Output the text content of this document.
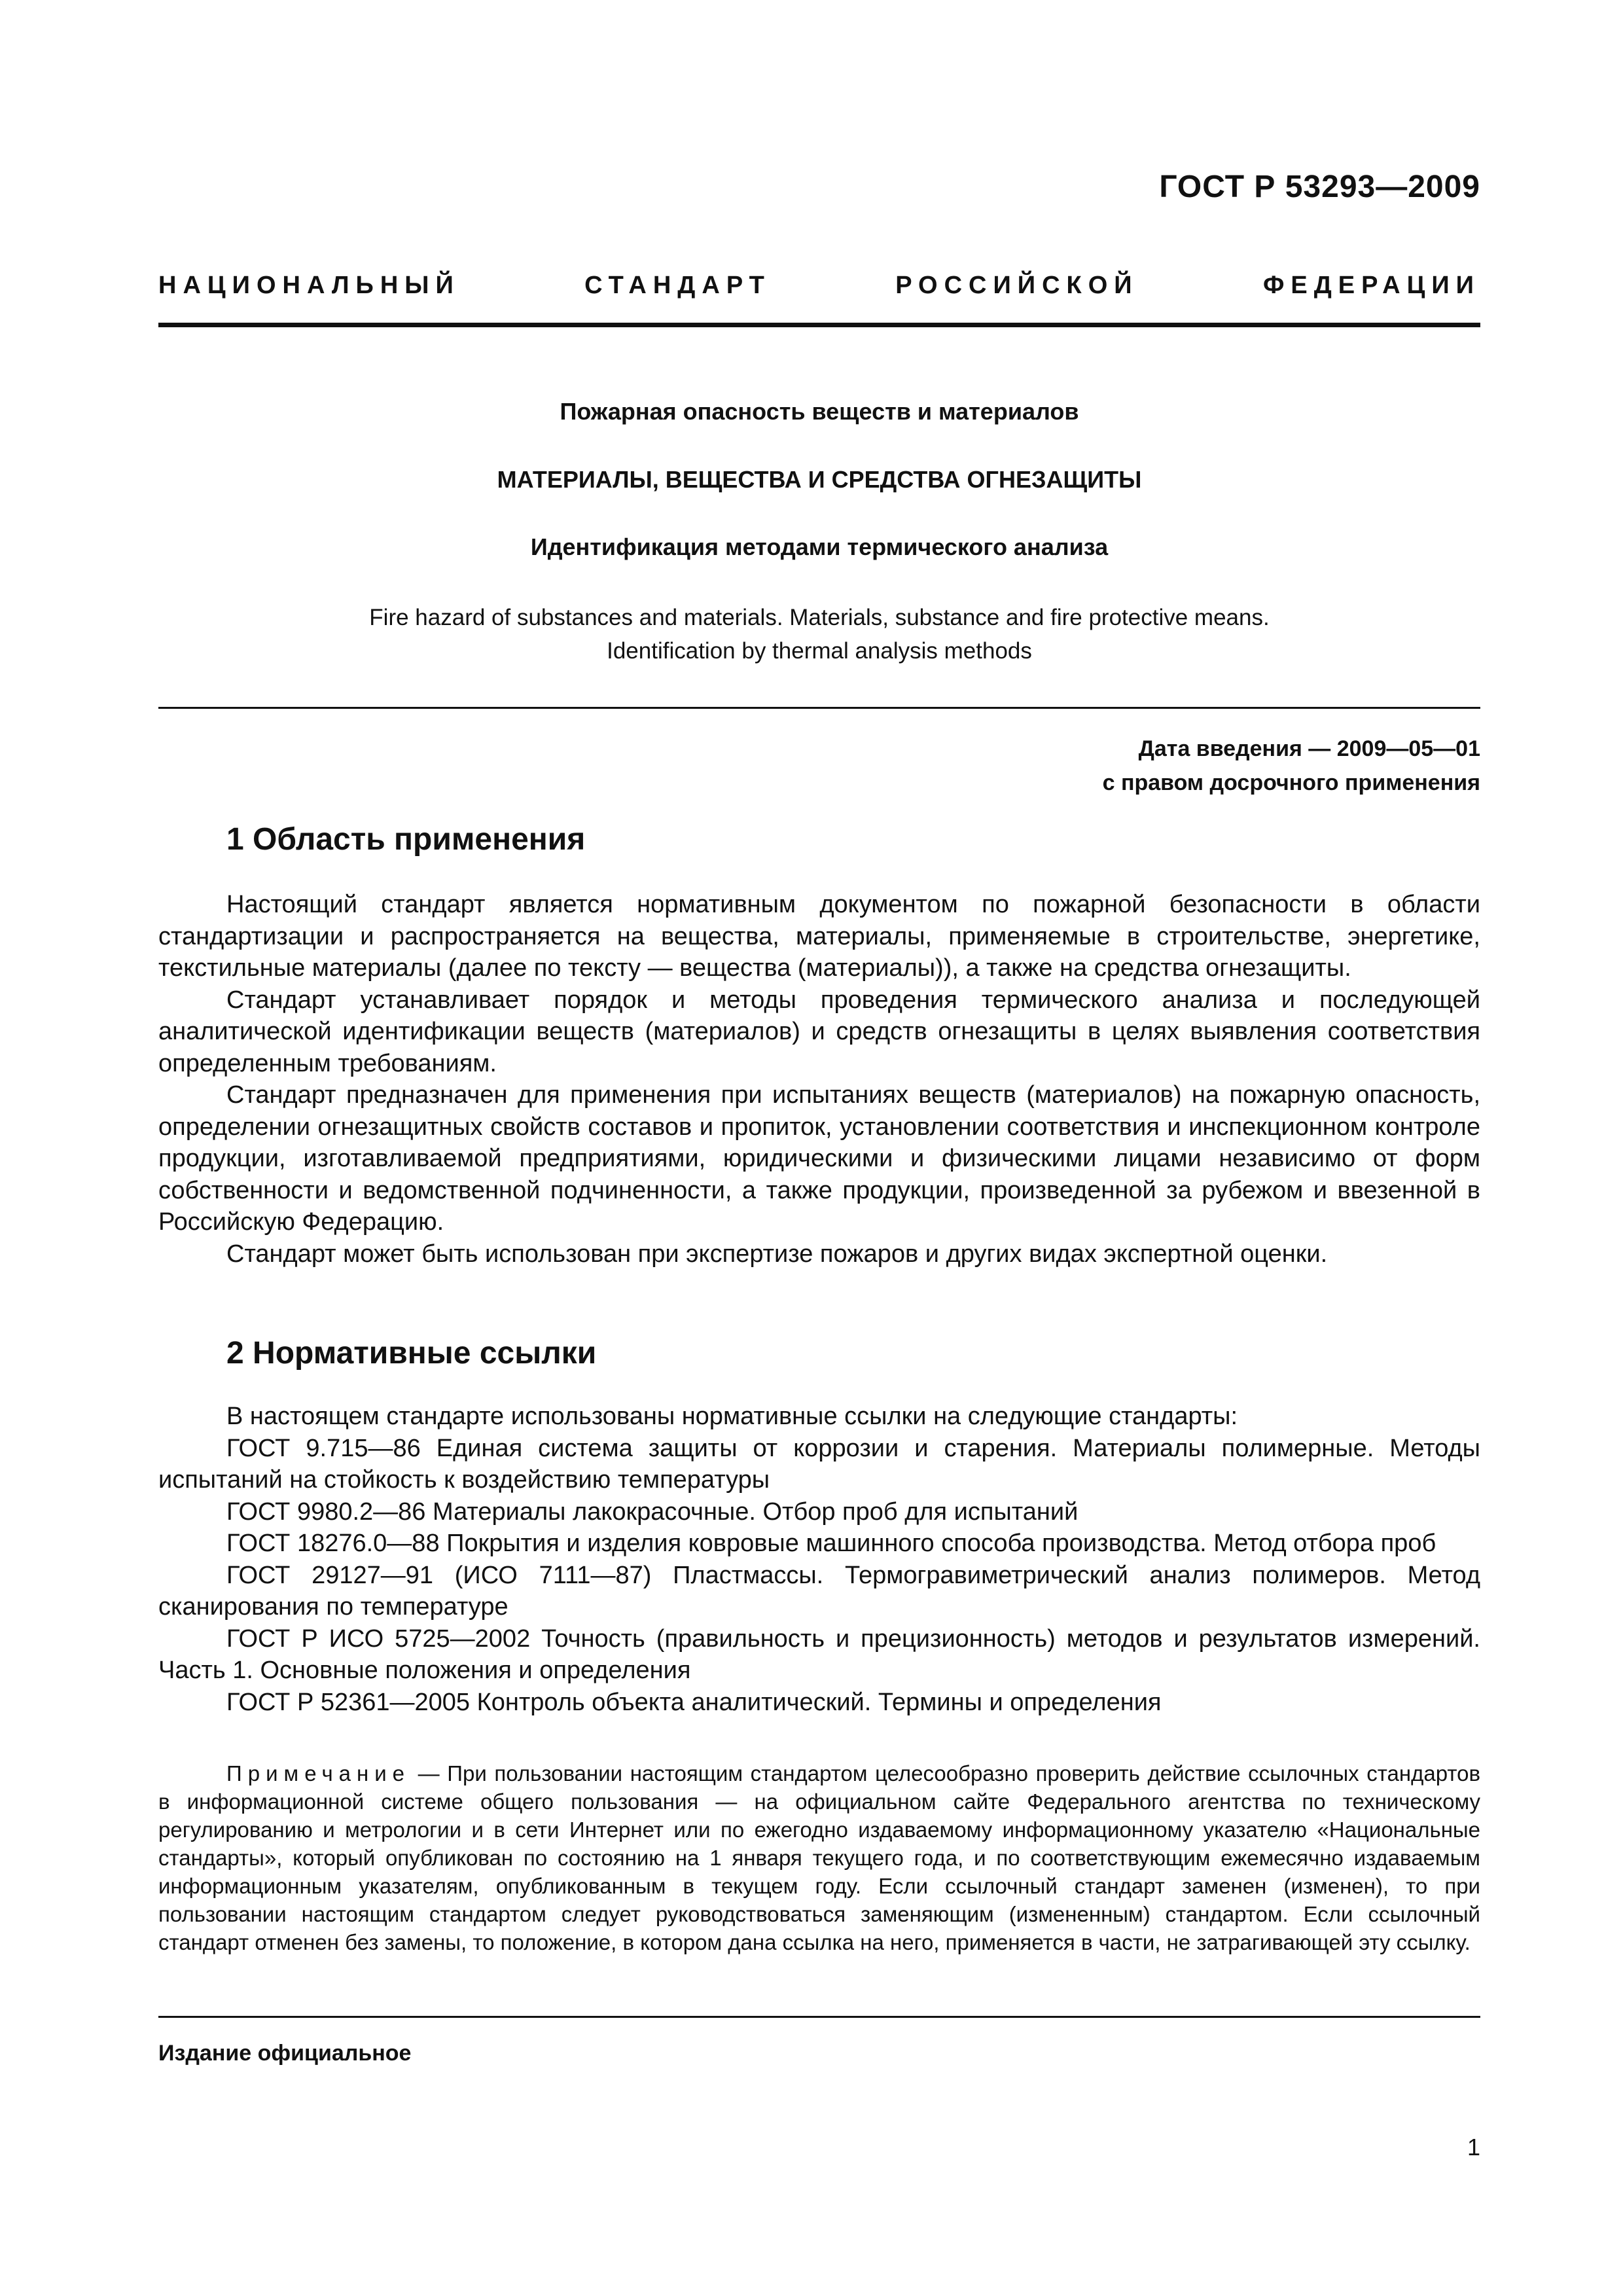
ГОСТ Р 53293—2009
НАЦИОНАЛЬНЫЙ	СТАНДАРТ	РОССИЙСКОЙ	ФЕДЕРАЦИИ
Пожарная опасность веществ и материалов
МАТЕРИАЛЫ, ВЕЩЕСТВА И СРЕДСТВА ОГНЕЗАЩИТЫ
Идентификация методами термического анализа
Fire hazard of substances and materials. Materials, substance and fire protective means.
Identification by thermal analysis methods
Дата введения — 2009—05—01
с правом досрочного применения
1 Область применения

Настоящий стандарт является нормативным документом по пожарной безопасности в области стандартизации и распространяется на вещества, материалы, применяемые в строительстве, энергетике, текстильные материалы (далее по тексту — вещества (материалы)), а также на средства огнезащиты.

Стандарт устанавливает порядок и методы проведения термического анализа и последующей аналитической идентификации веществ (материалов) и средств огнезащиты в целях выявления соответствия определенным требованиям.

Стандарт предназначен для применения при испытаниях веществ (материалов) на пожарную опасность, определении огнезащитных свойств составов и пропиток, установлении соответствия и инспекционном контроле продукции, изготавливаемой предприятиями, юридическими и физическими лицами независимо от форм собственности и ведомственной подчиненности, а также продукции, произведенной за рубежом и ввезенной в Российскую Федерацию.

Стандарт может быть использован при экспертизе пожаров и других видах экспертной оценки.

2 Нормативные ссылки

В настоящем стандарте использованы нормативные ссылки на следующие стандарты:

ГОСТ 9.715—86 Единая система защиты от коррозии и старения. Материалы полимерные. Методы испытаний на стойкость к воздействию температуры

ГОСТ 9980.2—86 Материалы лакокрасочные. Отбор проб для испытаний

ГОСТ 18276.0—88 Покрытия и изделия ковровые машинного способа производства. Метод отбора проб

ГОСТ 29127—91 (ИСО 7111—87) Пластмассы. Термогравиметрический анализ полимеров. Метод сканирования по температуре

ГОСТ Р ИСО 5725—2002 Точность (правильность и прецизионность) методов и результатов измерений. Часть 1. Основные положения и определения

ГОСТ Р 52361—2005 Контроль объекта аналитический. Термины и определения

Примечание — При пользовании настоящим стандартом целесообразно проверить действие ссылочных стандартов в информационной системе общего пользования — на официальном сайте Федерального агентства по техническому регулированию и метрологии и в сети Интернет или по ежегодно издаваемому информационному указателю «Национальные стандарты», который опубликован по состоянию на 1 января текущего года, и по соответствующим ежемесячно издаваемым информационным указателям, опубликованным в текущем году. Если ссылочный стандарт заменен (изменен), то при пользовании настоящим стандартом следует руководствоваться заменяющим (измененным) стандартом. Если ссылочный стандарт отменен без замены, то положение, в котором дана ссылка на него, применяется в части, не затрагивающей эту ссылку.

Издание официальное
1
